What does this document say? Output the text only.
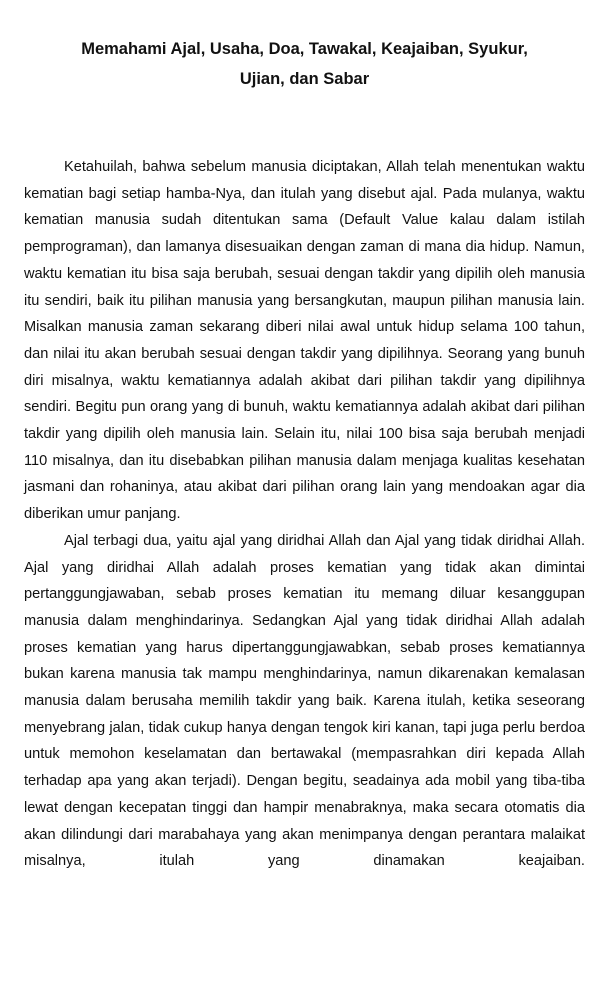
Memahami Ajal, Usaha, Doa, Tawakal, Keajaiban, Syukur,
Ujian, dan Sabar

Ketahuilah, bahwa sebelum manusia diciptakan, Allah telah menentukan waktu kematian bagi setiap hamba-Nya, dan itulah yang disebut ajal. Pada mulanya, waktu kematian manusia sudah ditentukan sama (Default Value kalau dalam istilah pemprograman), dan lamanya disesuaikan dengan zaman di mana dia hidup. Namun, waktu kematian itu bisa saja berubah, sesuai dengan takdir yang dipilih oleh manusia itu sendiri, baik itu pilihan manusia yang bersangkutan, maupun pilihan manusia lain. Misalkan manusia zaman sekarang diberi nilai awal untuk hidup selama 100 tahun, dan nilai itu akan berubah sesuai dengan takdir yang dipilihnya. Seorang yang bunuh diri misalnya, waktu kematiannya adalah akibat dari pilihan takdir yang dipilihnya sendiri. Begitu pun orang yang di bunuh, waktu kematiannya adalah akibat dari pilihan takdir yang dipilih oleh manusia lain. Selain itu, nilai 100 bisa saja berubah menjadi 110 misalnya, dan itu disebabkan pilihan manusia dalam menjaga kualitas kesehatan jasmani dan rohaninya, atau akibat dari pilihan orang lain yang mendoakan agar dia diberikan umur panjang.

Ajal terbagi dua, yaitu ajal yang diridhai Allah dan Ajal yang tidak diridhai Allah. Ajal yang diridhai Allah adalah proses kematian yang tidak akan dimintai pertanggungjawaban, sebab proses kematian itu memang diluar kesanggupan manusia dalam menghindarinya. Sedangkan Ajal yang tidak diridhai Allah adalah proses kematian yang harus dipertanggungjawabkan, sebab proses kematiannya bukan karena manusia tak mampu menghindarinya, namun dikarenakan kemalasan manusia dalam berusaha memilih takdir yang baik. Karena itulah, ketika seseorang menyebrang jalan, tidak cukup hanya dengan tengok kiri kanan, tapi juga perlu berdoa untuk memohon keselamatan dan bertawakal (mempasrahkan diri kepada Allah terhadap apa yang akan terjadi). Dengan begitu, seadainya ada mobil yang tiba-tiba lewat dengan kecepatan tinggi dan hampir menabraknya, maka secara otomatis dia akan dilindungi dari marabahaya yang akan menimpanya dengan perantara malaikat misalnya, itulah yang dinamakan keajaiban.
